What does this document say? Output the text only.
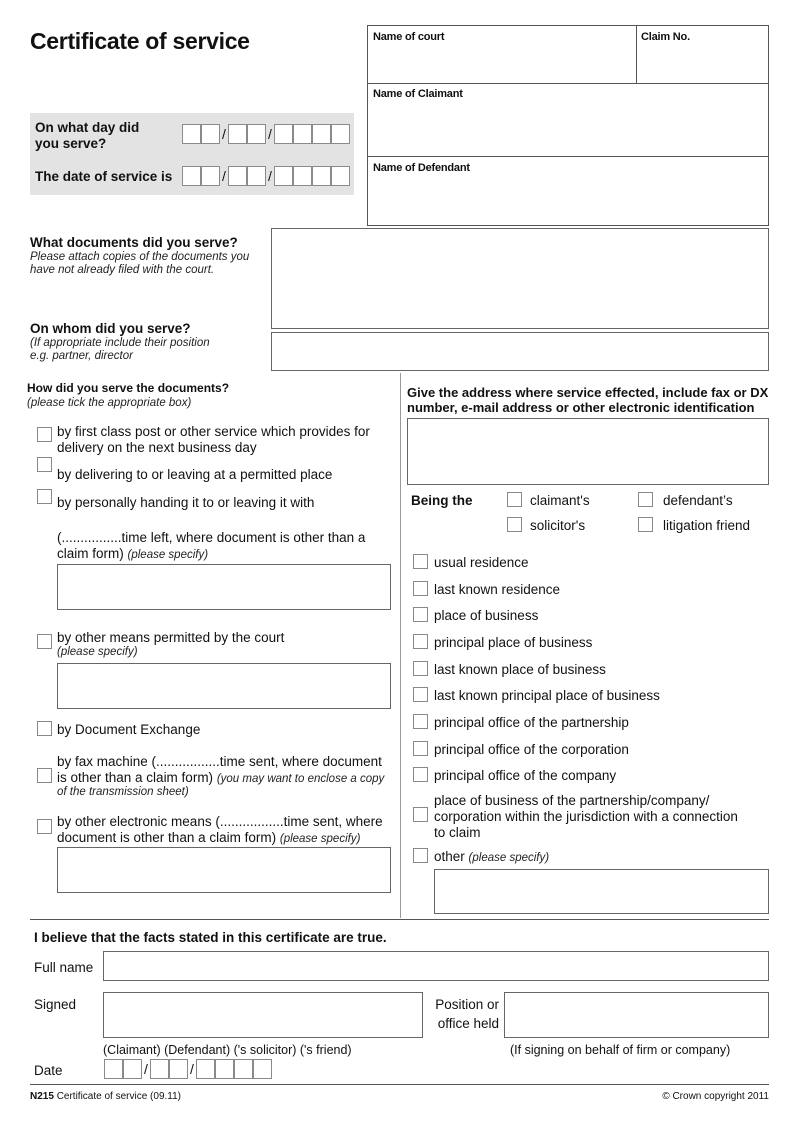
Certificate of service	Name of court	Claim No.
Name of Claimant
Name of Defendant
On what day did
you serve?
The date of service is
/	/
/	/
What documents did you serve?
Please attach copies of the documents you
have not already filed with the court.
On whom did you serve?
(If appropriate include their position
e.g. partner, director
How did you serve the documents?
(please tick the appropriate box)
by first class post or other service which provides for
delivery on the next business day
by delivering to or leaving at a permitted place
by personally handing it to or leaving it with
(................time left, where document is other than a
claim form) (please specify)
by other means permitted by the court
(please specify)
by Document Exchange
by fax machine (.................time sent, where document
is other than a claim form) (you may want to enclose a copy
of the transmission sheet)
by other electronic means (.................time sent, where
document is other than a claim form) (please specify)
Give the address where service effected, include fax or DX
number, e-mail address or other electronic identification
Being the	claimant's	defendant’s
solicitor's	litigation friend
usual residence
last known residence
place of business
principal place of business
last known place of business
last known principal place of business
principal office of the partnership
principal office of the corporation
principal office of the company
place of business of the partnership/company/
corporation within the jurisdiction with a connection
to claim
other (please specify)
I believe that the facts stated in this certificate are true.
Full name
Signed	Position or
office held
(Claimant) (Defendant) ('s solicitor) ('s friend)	(If signing on behalf of firm or company)
Date	/	/
N215 Certificate of service (09.11)	© Crown copyright 2011
